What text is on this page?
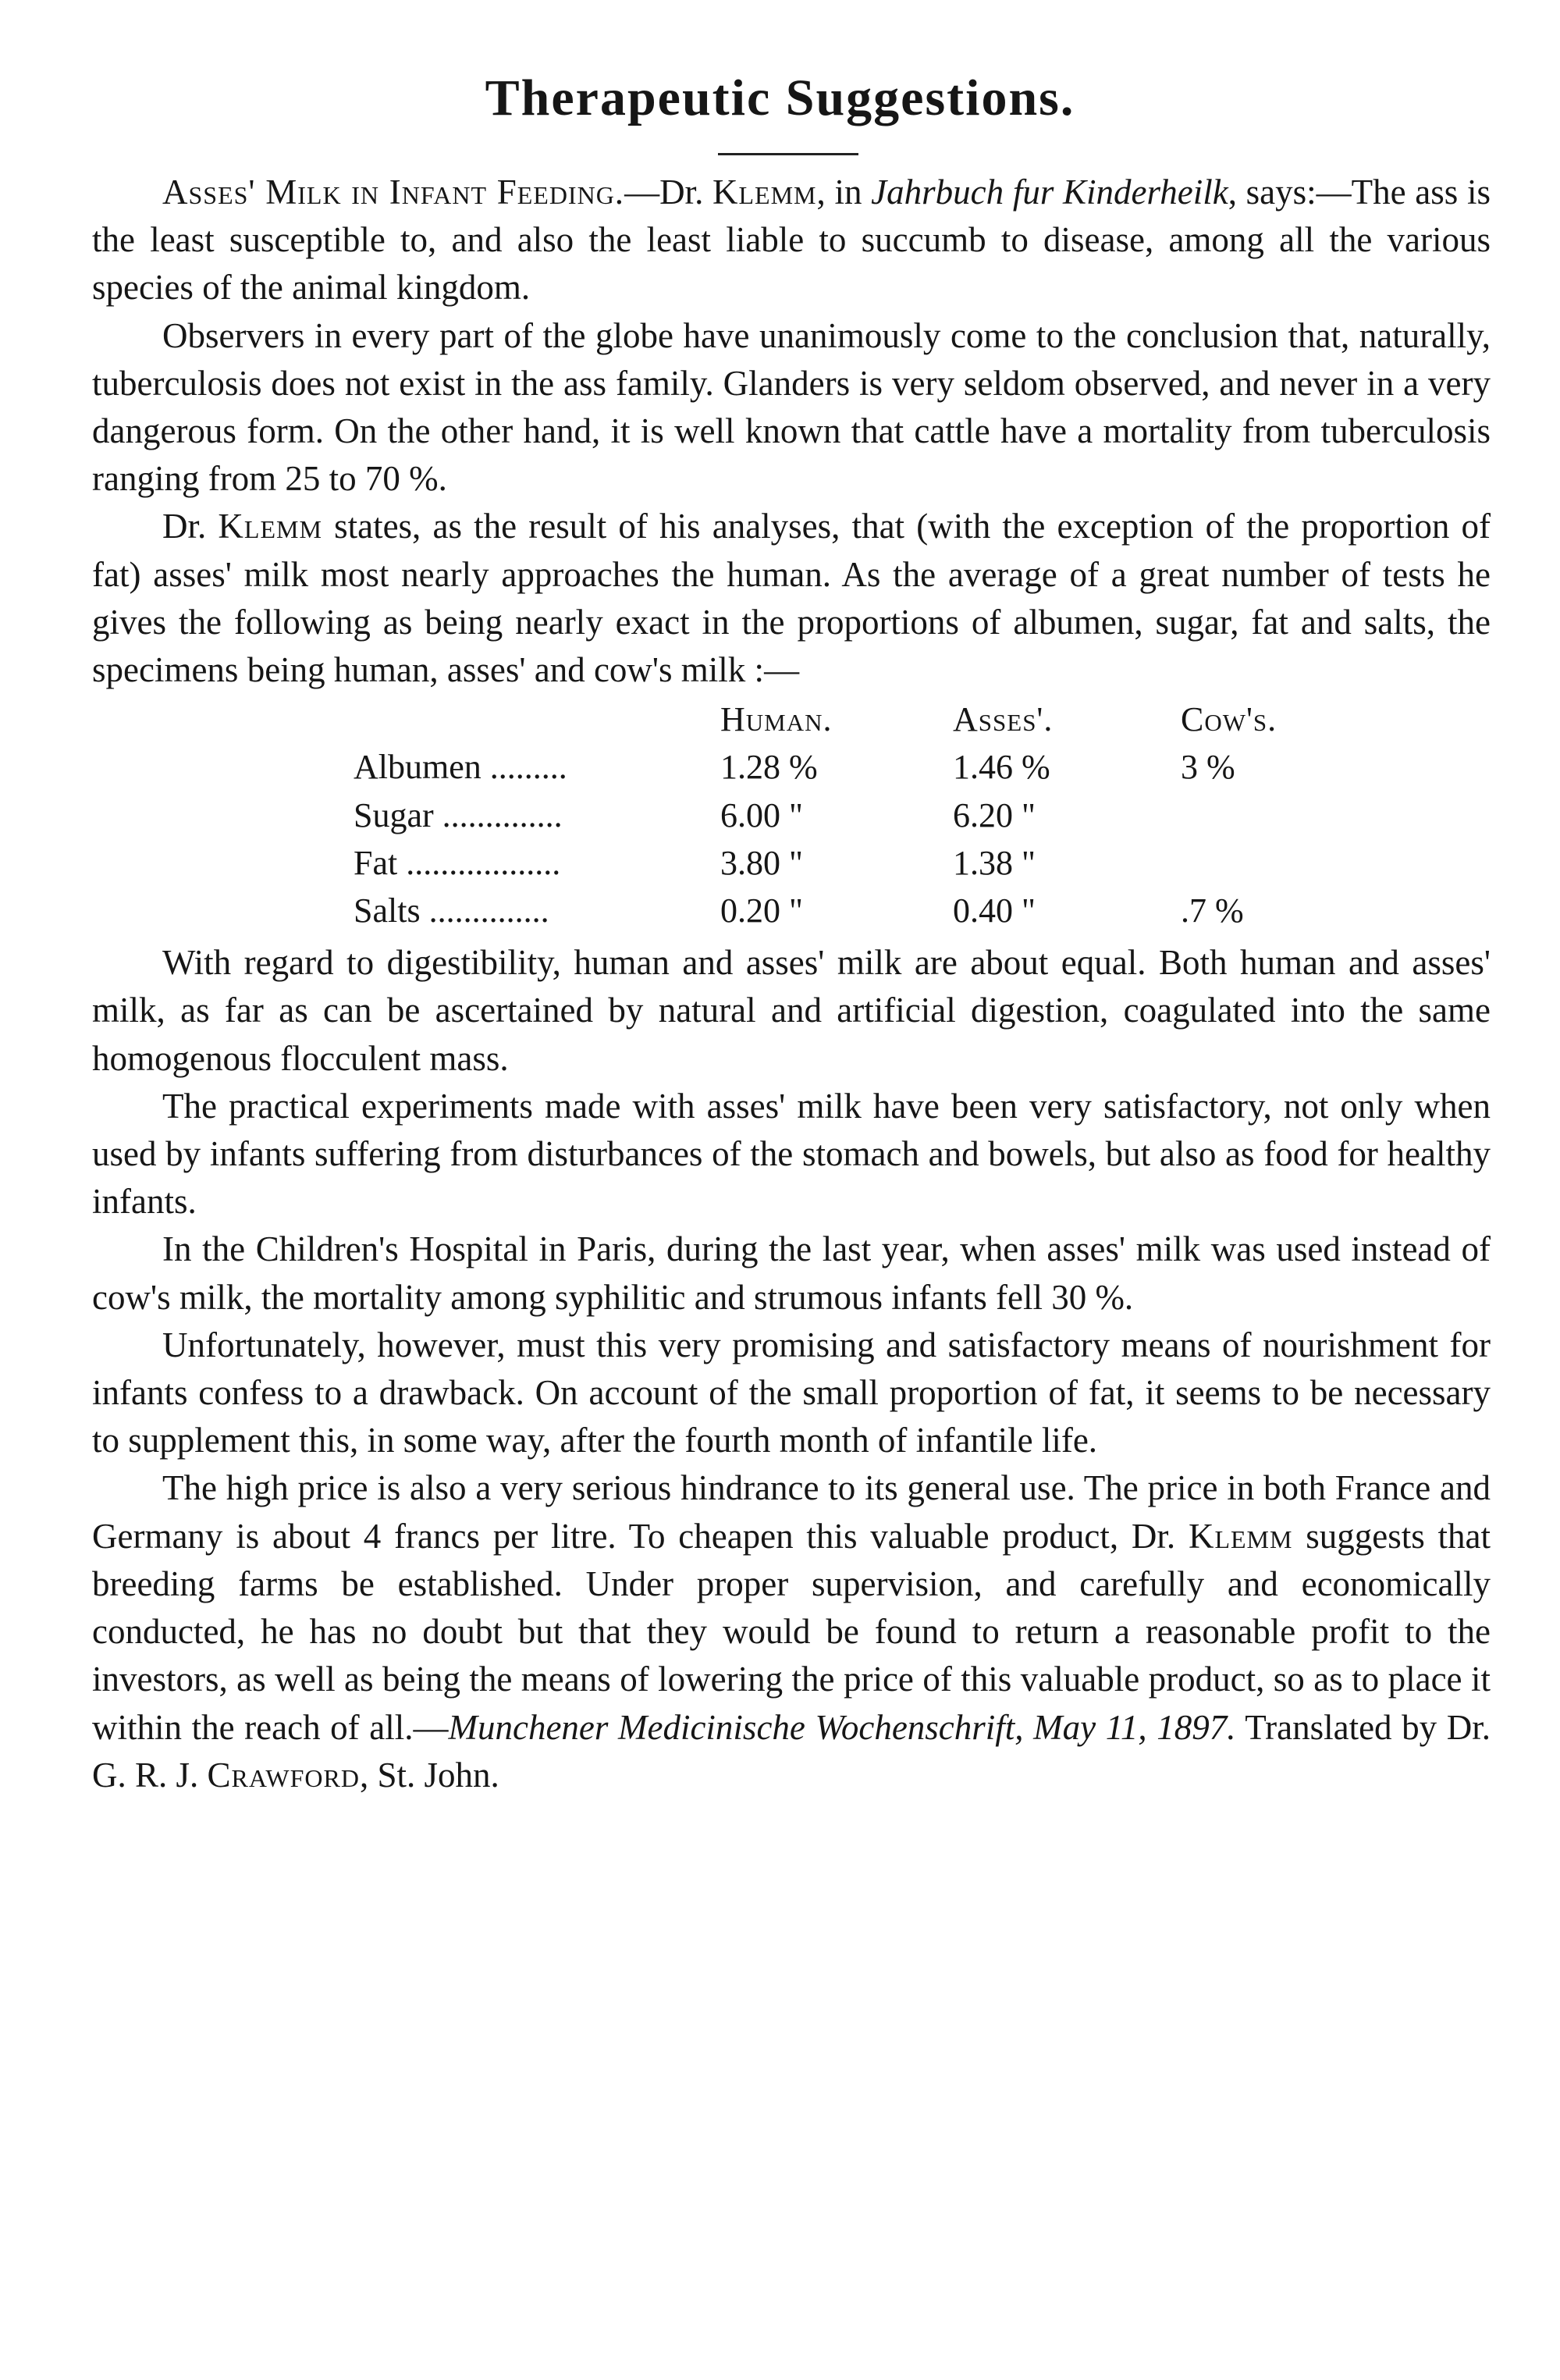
Therapeutic Suggestions.

Asses' Milk in Infant Feeding.—Dr. Klemm, in Jahrbuch fur Kinderheilk, says:—The ass is the least susceptible to, and also the least liable to succumb to disease, among all the various species of the animal kingdom.

Observers in every part of the globe have unanimously come to the conclusion that, naturally, tuberculosis does not exist in the ass family. Glanders is very seldom observed, and never in a very dangerous form. On the other hand, it is well known that cattle have a mortality from tuberculosis ranging from 25 to 70 %.

Dr. Klemm states, as the result of his analyses, that (with the exception of the proportion of fat) asses' milk most nearly approaches the human. As the average of a great number of tests he gives the following as being nearly exact in the proportions of albumen, sugar, fat and salts, the specimens being human, asses' and cow's milk :—

	Human.	Asses'.	Cow's.
Albumen .........	1.28 %	1.46 %	3 %
Sugar ..............	6.00 "	6.20 "	
Fat ..................	3.80 "	1.38 "	
Salts ..............	0.20 "	0.40 "	.7 %

With regard to digestibility, human and asses' milk are about equal. Both human and asses' milk, as far as can be ascertained by natural and artificial digestion, coagulated into the same homogenous flocculent mass.

The practical experiments made with asses' milk have been very satisfactory, not only when used by infants suffering from disturbances of the stomach and bowels, but also as food for healthy infants.

In the Children's Hospital in Paris, during the last year, when asses' milk was used instead of cow's milk, the mortality among syphilitic and strumous infants fell 30 %.

Unfortunately, however, must this very promising and satisfactory means of nourishment for infants confess to a drawback. On account of the small proportion of fat, it seems to be necessary to supplement this, in some way, after the fourth month of infantile life.

The high price is also a very serious hindrance to its general use. The price in both France and Germany is about 4 francs per litre. To cheapen this valuable product, Dr. Klemm suggests that breeding farms be established. Under proper supervision, and carefully and economically conducted, he has no doubt but that they would be found to return a reasonable profit to the investors, as well as being the means of lowering the price of this valuable product, so as to place it within the reach of all.—Munchener Medicinische Wochenschrift, May 11, 1897. Translated by Dr. G. R. J. Crawford, St. John.
